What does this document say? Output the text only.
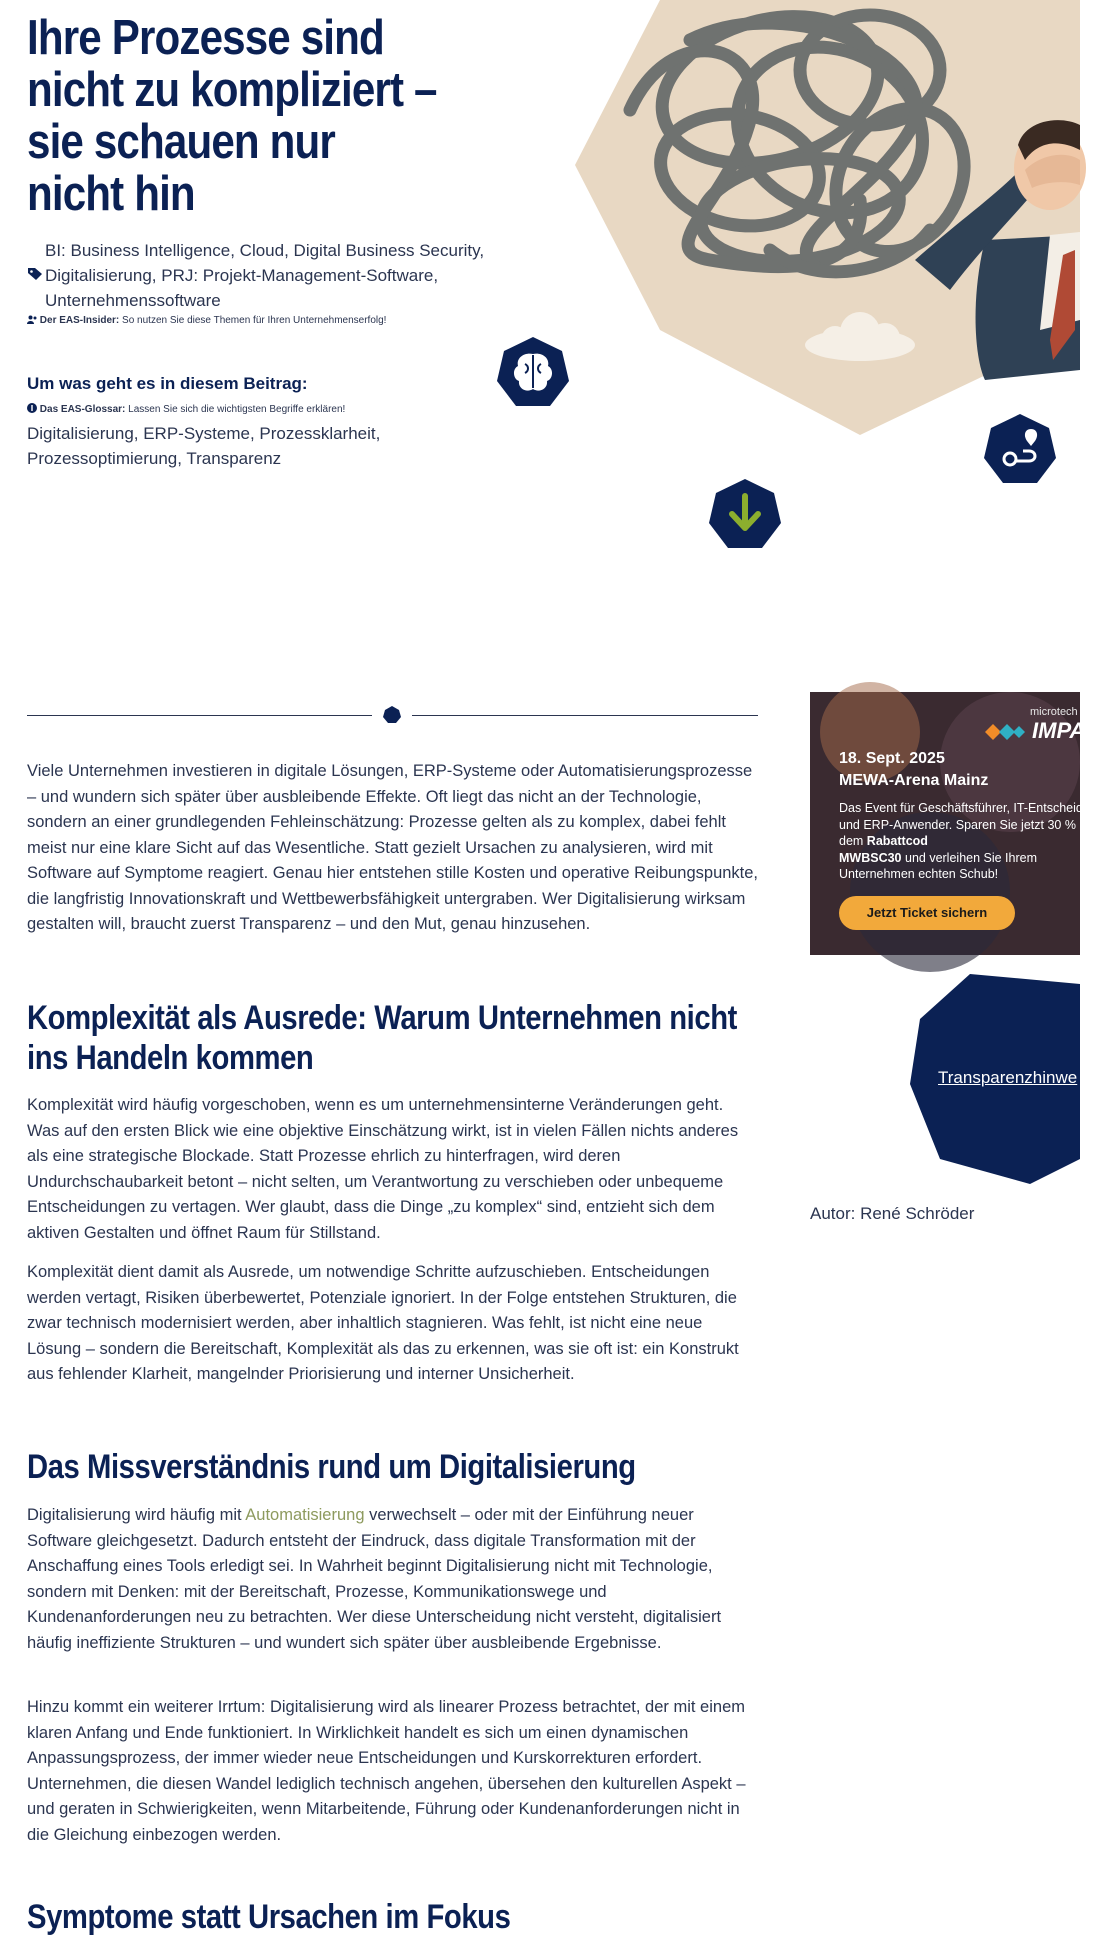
Ihre Prozesse sind nicht zu kompliziert – sie schauen nur nicht hin
BI: Business Intelligence, Cloud, Digital Business Security,
Digitalisierung, PRJ: Projekt-Management-Software,
Unternehmenssoftware
Der EAS-Insider: So nutzen Sie diese Themen für Ihren Unternehmenserfolg!
Um was geht es in diesem Beitrag:
Das EAS-Glossar: Lassen Sie sich die wichtigsten Begriffe erklären!
Digitalisierung, ERP-Systeme, Prozessklarheit, Prozessoptimierung, Transparenz

Viele Unternehmen investieren in digitale Lösungen, ERP-Systeme oder Automatisierungsprozesse – und wundern sich später über ausbleibende Effekte. Oft liegt das nicht an der Technologie, sondern an einer grundlegenden Fehleinschätzung: Prozesse gelten als zu komplex, dabei fehlt meist nur eine klare Sicht auf das Wesentliche. Statt gezielt Ursachen zu analysieren, wird mit Software auf Symptome reagiert. Genau hier entstehen stille Kosten und operative Reibungspunkte, die langfristig Innovationskraft und Wettbewerbsfähigkeit untergraben. Wer Digitalisierung wirksam gestalten will, braucht zuerst Transparenz – und den Mut, genau hinzusehen.

Komplexität als Ausrede: Warum Unternehmen nicht ins Handeln kommen

Komplexität wird häufig vorgeschoben, wenn es um unternehmensinterne Veränderungen geht. Was auf den ersten Blick wie eine objektive Einschätzung wirkt, ist in vielen Fällen nichts anderes als eine strategische Blockade. Statt Prozesse ehrlich zu hinterfragen, wird deren Undurchschaubarkeit betont – nicht selten, um Verantwortung zu verschieben oder unbequeme Entscheidungen zu vertagen. Wer glaubt, dass die Dinge „zu komplex“ sind, entzieht sich dem aktiven Gestalten und öffnet Raum für Stillstand.

Komplexität dient damit als Ausrede, um notwendige Schritte aufzuschieben. Entscheidungen werden vertagt, Risiken überbewertet, Potenziale ignoriert. In der Folge entstehen Strukturen, die zwar technisch modernisiert werden, aber inhaltlich stagnieren. Was fehlt, ist nicht eine neue Lösung – sondern die Bereitschaft, Komplexität als das zu erkennen, was sie oft ist: ein Konstrukt aus fehlender Klarheit, mangelnder Priorisierung und interner Unsicherheit.

Das Missverständnis rund um Digitalisierung

Digitalisierung wird häufig mit Automatisierung verwechselt – oder mit der Einführung neuer Software gleichgesetzt. Dadurch entsteht der Eindruck, dass digitale Transformation mit der Anschaffung eines Tools erledigt sei. In Wahrheit beginnt Digitalisierung nicht mit Technologie, sondern mit Denken: mit der Bereitschaft, Prozesse, Kommunikationswege und Kundenanforderungen neu zu betrachten. Wer diese Unterscheidung nicht versteht, digitalisiert häufig ineffiziente Strukturen – und wundert sich später über ausbleibende Ergebnisse.

Hinzu kommt ein weiterer Irrtum: Digitalisierung wird als linearer Prozess betrachtet, der mit einem klaren Anfang und Ende funktioniert. In Wirklichkeit handelt es sich um einen dynamischen Anpassungsprozess, der immer wieder neue Entscheidungen und Kurskorrekturen erfordert. Unternehmen, die diesen Wandel lediglich technisch angehen, übersehen den kulturellen Aspekt – und geraten in Schwierigkeiten, wenn Mitarbeitende, Führung oder Kundenanforderungen nicht in die Gleichung einbezogen werden.

Symptome statt Ursachen im Fokus
microtech
IMPA
18. Sept. 2025
MEWA-Arena Mainz
Das Event für Geschäftsführer, IT-Entscheider und ERP-Anwender. Sparen Sie jetzt 30 % mit dem Rabattcod
MWBSC30 und verleihen Sie Ihrem Unternehmen echten Schub!
Jetzt Ticket sichern
Transparenzhinwe
Autor: René Schröder
